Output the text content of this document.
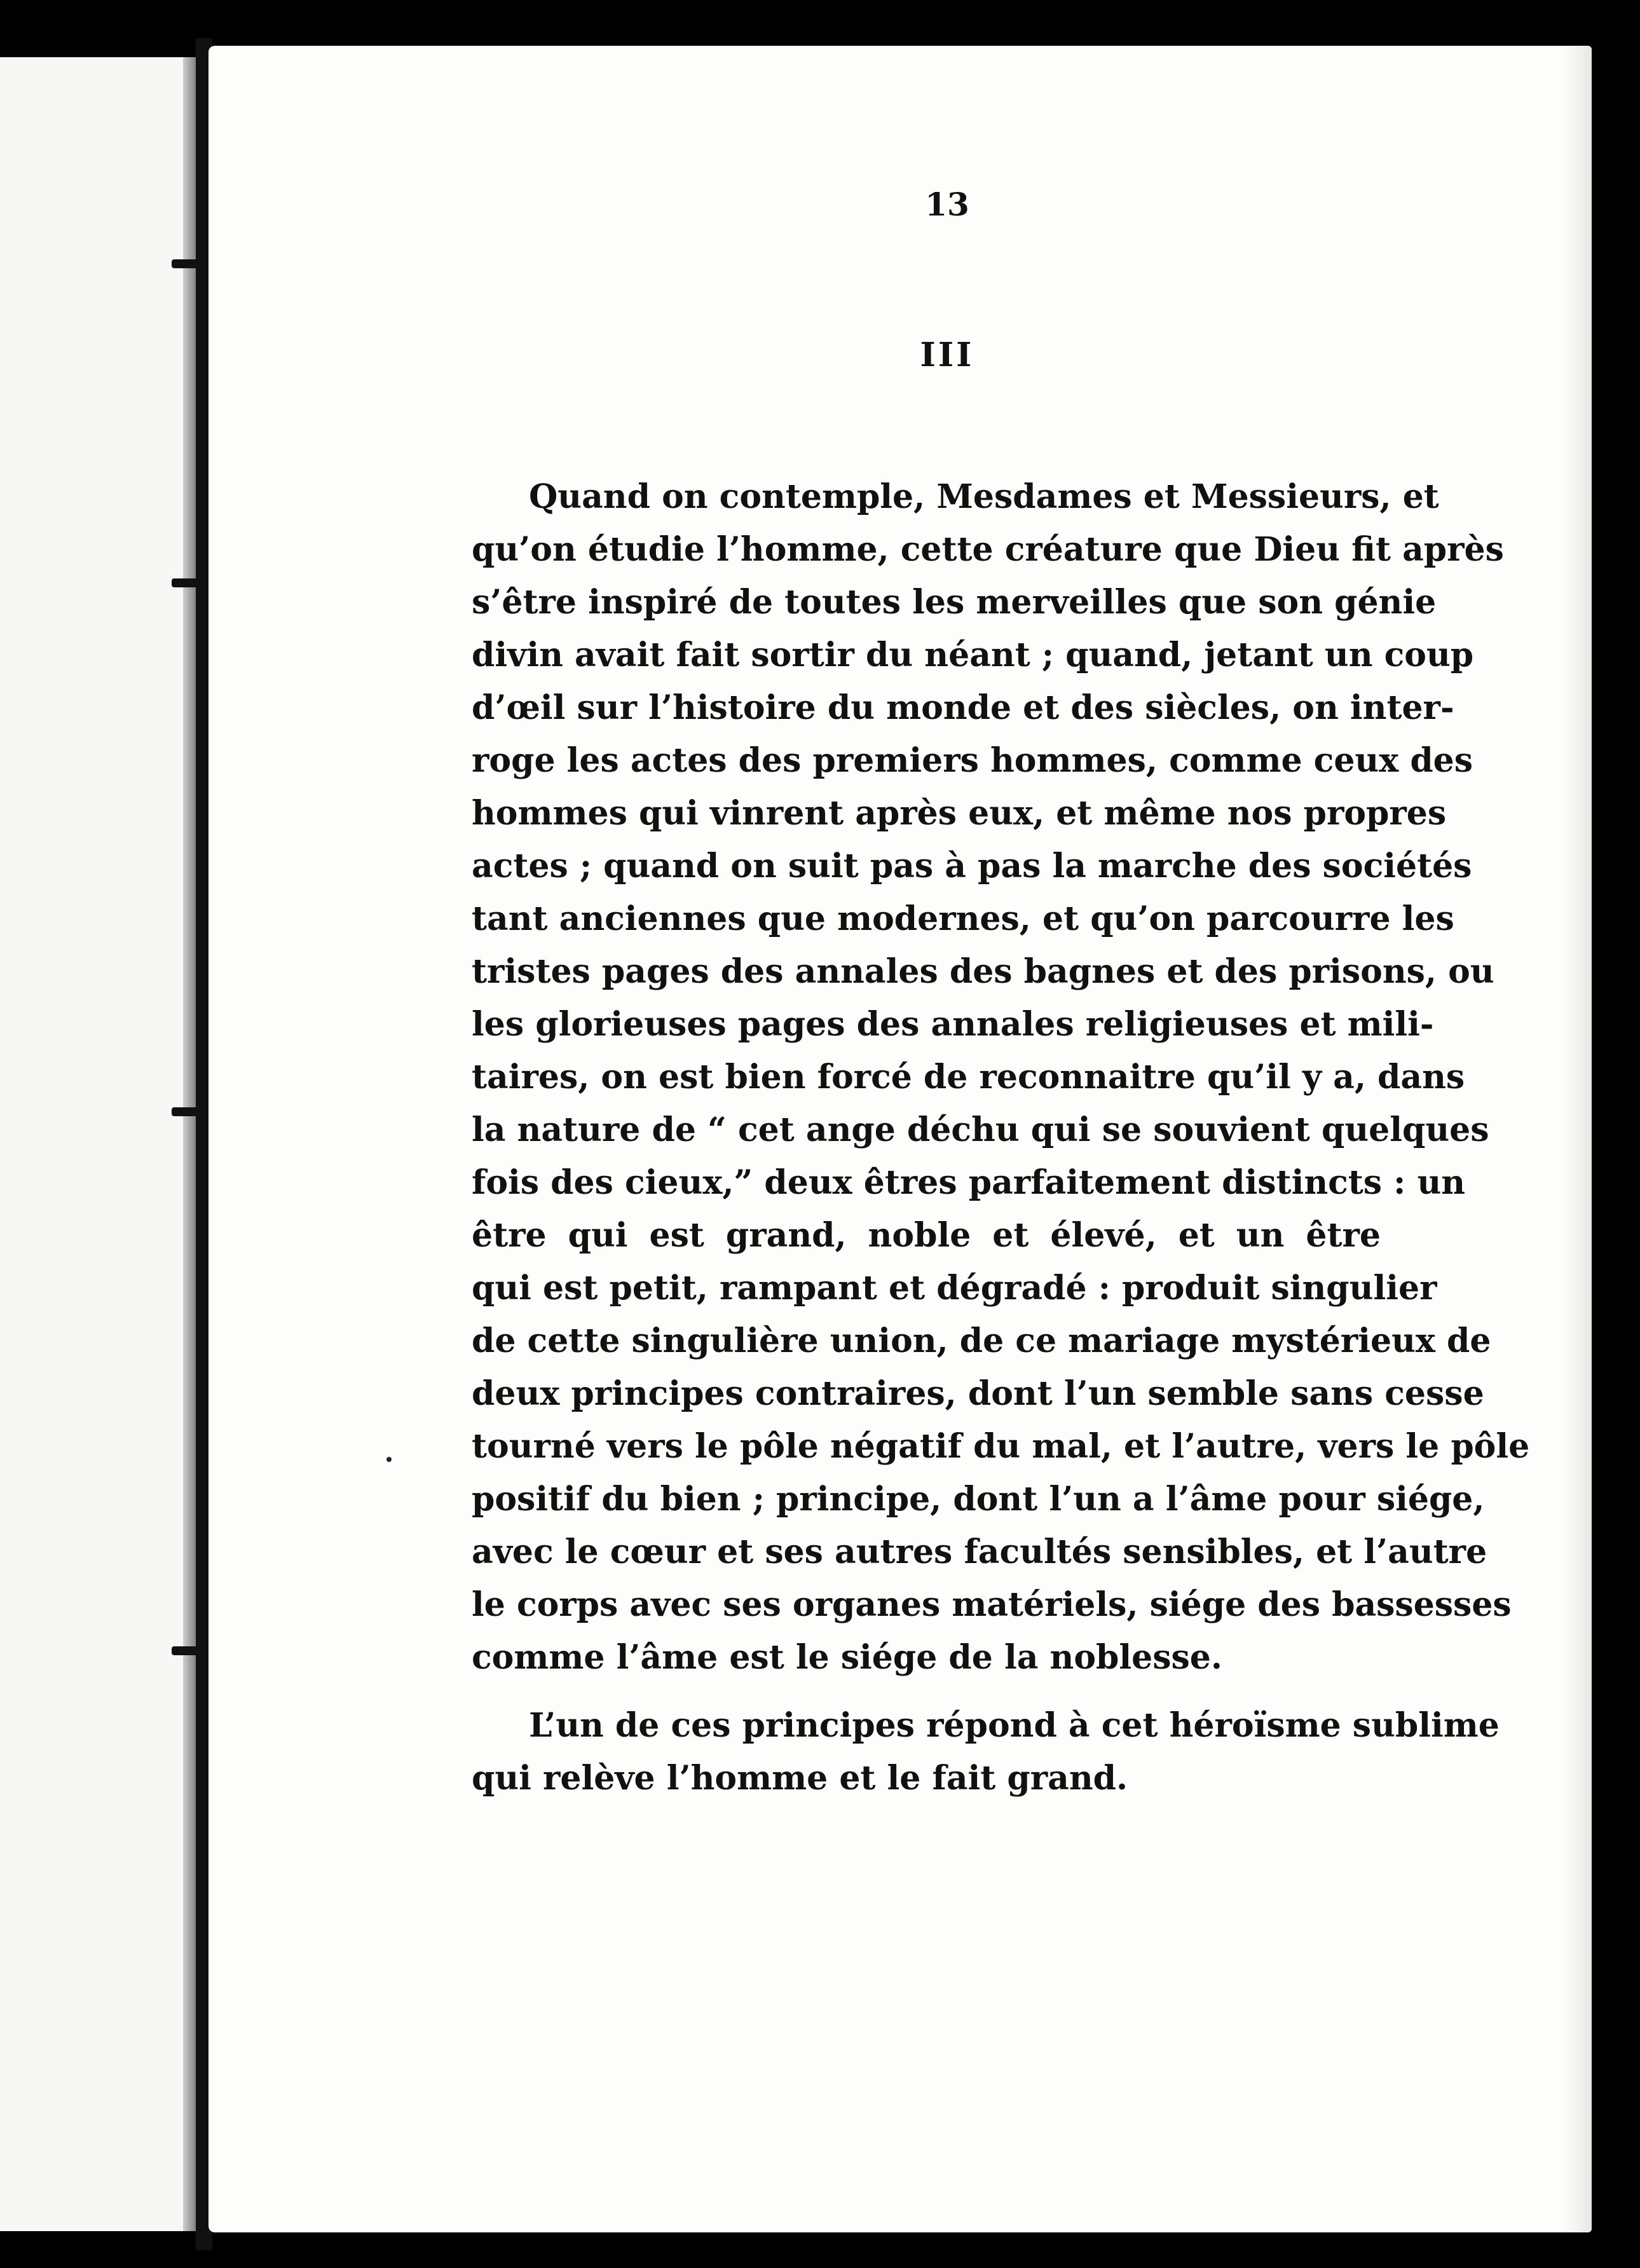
13
III
Quand on contemple, Mesdames et Messieurs, et
qu’on étudie l’homme, cette créature que Dieu fit après
s’être inspiré de toutes les merveilles que son génie
divin avait fait sortir du néant ; quand, jetant un coup
d’œil sur l’histoire du monde et des siècles, on inter-
roge les actes des premiers hommes, comme ceux des
hommes qui vinrent après eux, et même nos propres
actes ; quand on suit pas à pas la marche des sociétés
tant anciennes que modernes, et qu’on parcourre les
tristes pages des annales des bagnes et des prisons, ou
les glorieuses pages des annales religieuses et mili-
taires, on est bien forcé de reconnaitre qu’il y a, dans
la nature de “ cet ange déchu qui se souvient quelques
fois des cieux,” deux êtres parfaitement distincts : un
être qui est grand, noble et élevé, et un être
qui est petit, rampant et dégradé : produit singulier
de cette singulière union, de ce mariage mystérieux de
deux principes contraires, dont l’un semble sans cesse
tourné vers le pôle négatif du mal, et l’autre, vers le pôle
positif du bien ; principe, dont l’un a l’âme pour siége,
avec le cœur et ses autres facultés sensibles, et l’autre
le corps avec ses organes matériels, siége des bassesses
comme l’âme est le siége de la noblesse.
L’un de ces principes répond à cet héroïsme sublime
qui relève l’homme et le fait grand.
